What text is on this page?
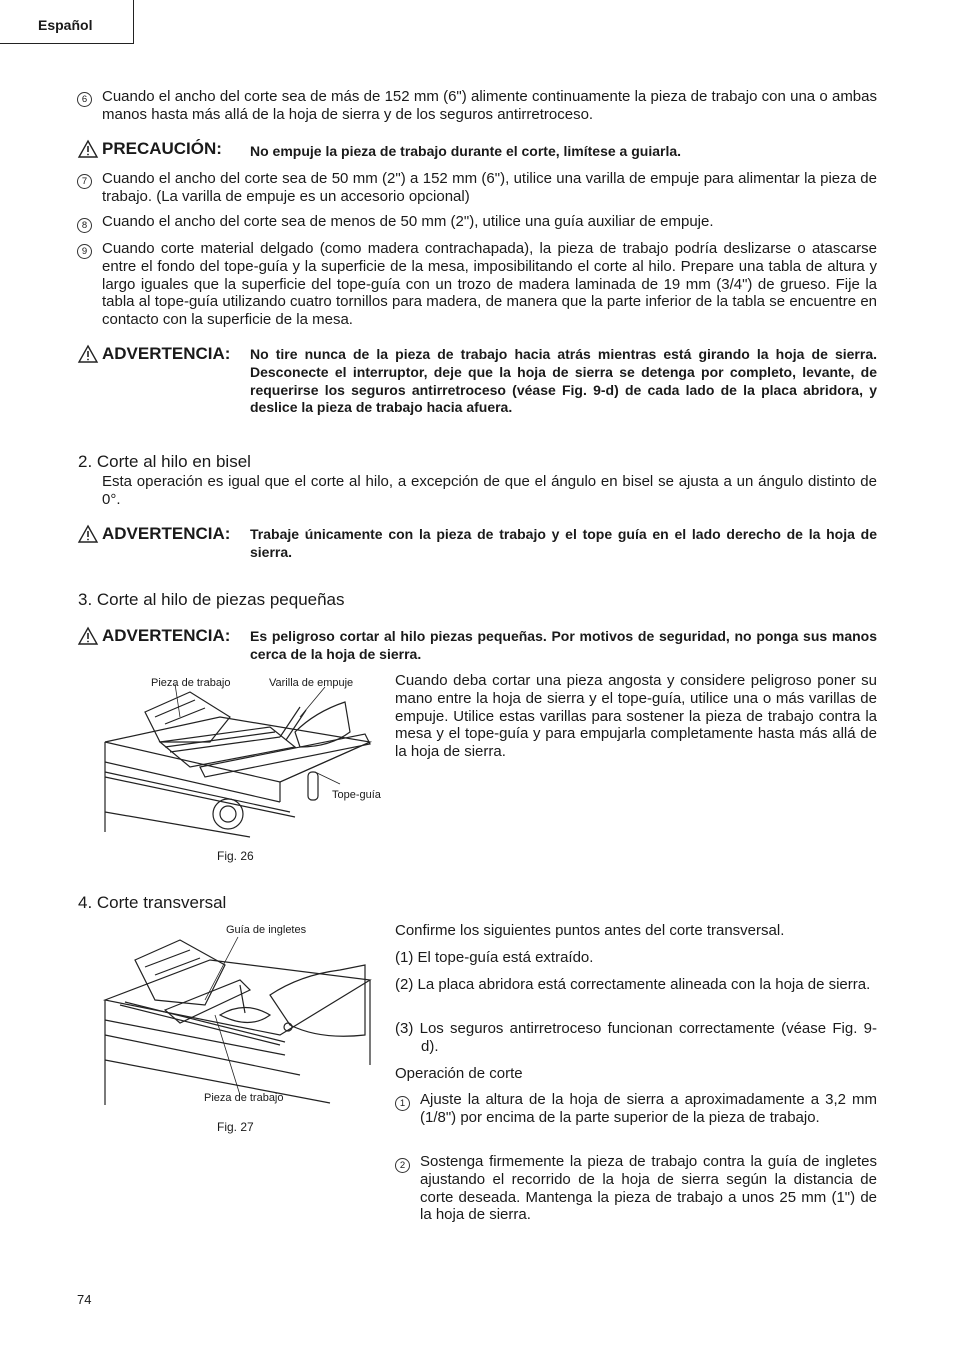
Español
6 Cuando el ancho del corte sea de más de 152 mm (6") alimente continuamente la pieza de trabajo con una o ambas manos hasta más allá de la hoja de sierra y de los seguros antirretroceso.
PRECAUCIÓN: No empuje la pieza de trabajo durante el corte, limítese a guiarla.
7 Cuando el ancho del corte sea de 50 mm (2") a 152 mm (6"), utilice una varilla de empuje para alimentar la pieza de trabajo. (La varilla de empuje es un accesorio opcional)
8 Cuando el ancho del corte sea de menos de 50 mm (2"), utilice una guía auxiliar de empuje.
9 Cuando corte material delgado (como madera contrachapada), la pieza de trabajo podría deslizarse o atascarse entre el fondo del tope-guía y la superficie de la mesa, imposibilitando el corte al hilo. Prepare una tabla de altura y largo iguales que la superficie del tope-guía con un trozo de madera laminada de 19 mm (3/4") de grueso. Fije la tabla al tope-guía utilizando cuatro tornillos para madera, de manera que la parte inferior de la tabla se encuentre en contacto con la superficie de la mesa.
ADVERTENCIA: No tire nunca de la pieza de trabajo hacia atrás mientras está girando la hoja de sierra. Desconecte el interruptor, deje que la hoja de sierra se detenga por completo, levante, de requerirse los seguros antirretroceso (véase Fig. 9-d) de cada lado de la placa abridora, y deslice la pieza de trabajo hacia afuera.
2. Corte al hilo en bisel
Esta operación es igual que el corte al hilo, a excepción de que el ángulo en bisel se ajusta a un ángulo distinto de 0°.
ADVERTENCIA: Trabaje únicamente con la pieza de trabajo y el tope guía en el lado derecho de la hoja de sierra.
3. Corte al hilo de piezas pequeñas
ADVERTENCIA: Es peligroso cortar al hilo piezas pequeñas. Por motivos de seguridad, no ponga sus manos cerca de la hoja de sierra.
Pieza de trabajo	Varilla de empuje
Tope-guía
Fig. 26
Cuando deba cortar una pieza angosta y considere peligroso poner su mano entre la hoja de sierra y el tope-guía, utilice una o más varillas de empuje. Utilice estas varillas para sostener la pieza de trabajo contra la mesa y el tope-guía y para empujarla completamente hasta más allá de la hoja de sierra.
4. Corte transversal
Confirme los siguientes puntos antes del corte transversal.
(1) El tope-guía está extraído.
(2) La placa abridora está correctamente alineada con la hoja de sierra.
(3) Los seguros antirretroceso funcionan correctamente (véase Fig. 9-d).
Operación de corte
1 Ajuste la altura de la hoja de sierra a aproximadamente a 3,2 mm (1/8") por encima de la parte superior de la pieza de trabajo.
2 Sostenga firmemente la pieza de trabajo contra la guía de ingletes ajustando el recorrido de la hoja de sierra según la distancia de corte deseada. Mantenga la pieza de trabajo a unos 25 mm (1") de la hoja de sierra.
Guía de ingletes
Pieza de trabajo
Fig. 27
74
